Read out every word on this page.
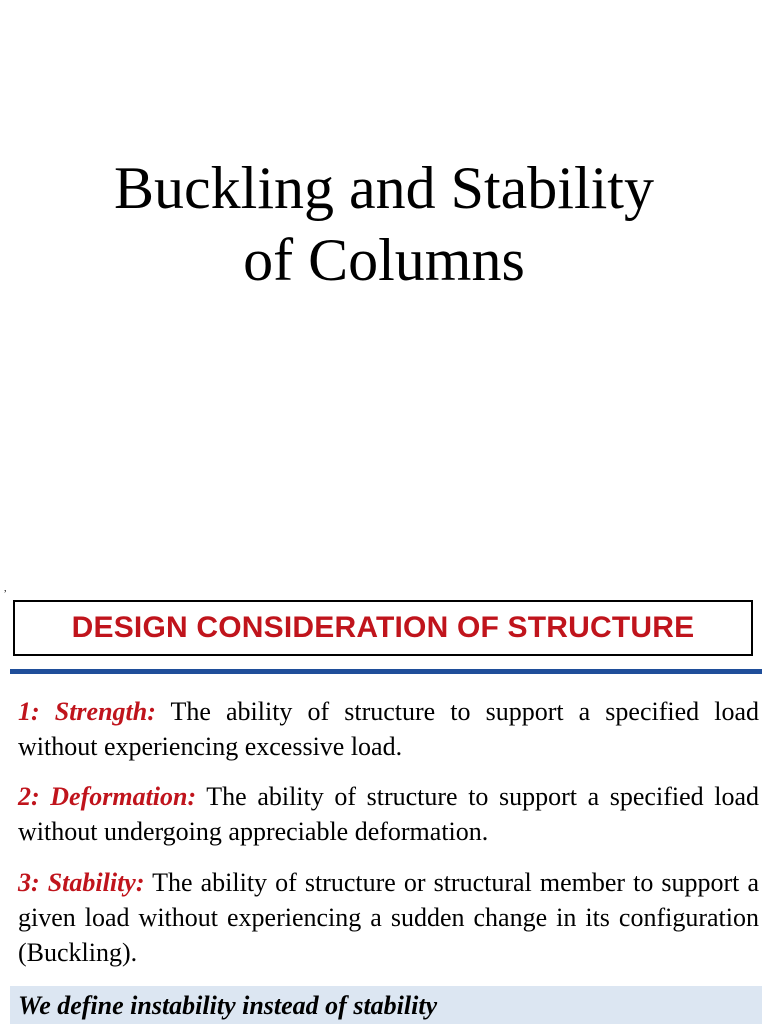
Buckling and Stability
of Columns
,
DESIGN CONSIDERATION OF STRUCTURE

1: Strength: The ability of structure to support a specified load without experiencing excessive load.

2: Deformation: The ability of structure to support a specified load without undergoing appreciable deformation.

3: Stability: The ability of structure or structural member to support a given load without experiencing a sudden change in its configuration (Buckling).

We define instability instead of stability
